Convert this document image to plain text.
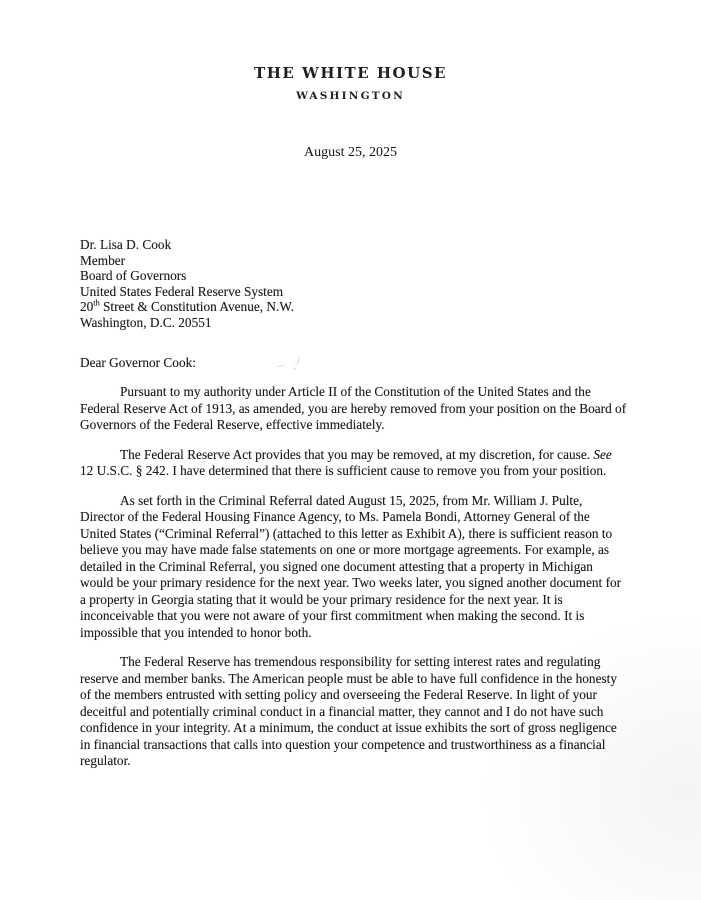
THE WHITE HOUSE
WASHINGTON
August 25, 2025
Dr. Lisa D. Cook
Member
Board of Governors
United States Federal Reserve System
20th Street & Constitution Avenue, N.W.
Washington, D.C. 20551
Dear Governor Cook:

Pursuant to my authority under Article II of the Constitution of the United States and the Federal Reserve Act of 1913, as amended, you are hereby removed from your position on the Board of Governors of the Federal Reserve, effective immediately.

The Federal Reserve Act provides that you may be removed, at my discretion, for cause. See 12 U.S.C. § 242. I have determined that there is sufficient cause to remove you from your position.

As set forth in the Criminal Referral dated August 15, 2025, from Mr. William J. Pulte, Director of the Federal Housing Finance Agency, to Ms. Pamela Bondi, Attorney General of the United States (“Criminal Referral”) (attached to this letter as Exhibit A), there is sufficient reason to believe you may have made false statements on one or more mortgage agreements. For example, as detailed in the Criminal Referral, you signed one document attesting that a property in Michigan would be your primary residence for the next year. Two weeks later, you signed another document for a property in Georgia stating that it would be your primary residence for the next year. It is inconceivable that you were not aware of your first commitment when making the second. It is impossible that you intended to honor both.

The Federal Reserve has tremendous responsibility for setting interest rates and regulating reserve and member banks. The American people must be able to have full confidence in the honesty of the members entrusted with setting policy and overseeing the Federal Reserve. In light of your deceitful and potentially criminal conduct in a financial matter, they cannot and I do not have such confidence in your integrity. At a minimum, the conduct at issue exhibits the sort of gross negligence in financial transactions that calls into question your competence and trustworthiness as a financial regulator.
